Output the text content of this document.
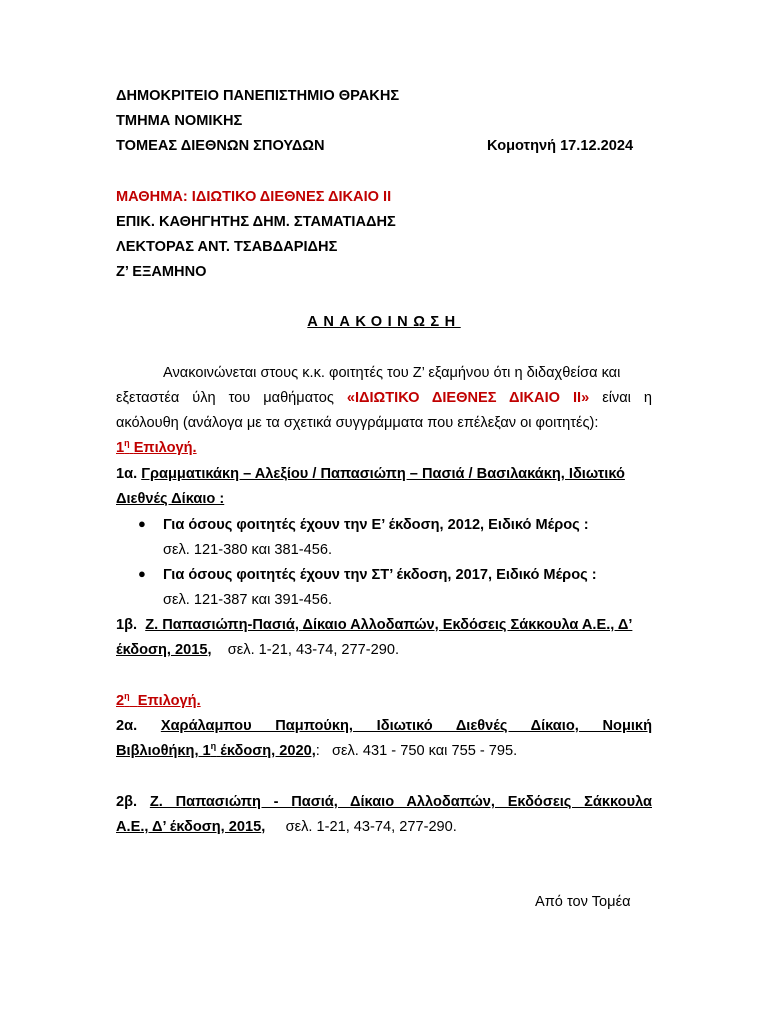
ΔΗΜΟΚΡΙΤΕΙΟ ΠΑΝΕΠΙΣΤΗΜΙΟ ΘΡΑΚΗΣ
ΤΜΗΜΑ ΝΟΜΙΚΗΣ
ΤΟΜΕΑΣ ΔΙΕΘΝΩΝ ΣΠΟΥΔΩΝ	Κομοτηνή 17.12.2024
ΜΑΘΗΜΑ: ΙΔΙΩΤΙΚΟ ΔΙΕΘΝΕΣ ΔΙΚΑΙΟ ΙΙ
ΕΠΙΚ. ΚΑΘΗΓΗΤΗΣ ΔΗΜ. ΣΤΑΜΑΤΙΑΔΗΣ
ΛΕΚΤΟΡΑΣ ΑΝΤ. ΤΣΑΒΔΑΡΙΔΗΣ
Ζ’ ΕΞΑΜΗΝΟ
ΑΝΑΚΟΙΝΩΣΗ
Ανακοινώνεται στους κ.κ. φοιτητές του Ζ’ εξαμήνου ότι η διδαχθείσα και
εξεταστέα ύλη του μαθήματος «ΙΔΙΩΤΙΚΟ ΔΙΕΘΝΕΣ ΔΙΚΑΙΟ ΙΙ» είναι η
ακόλουθη (ανάλογα με τα σχετικά συγγράμματα που επέλεξαν οι φοιτητές):
$1^\eta$ Επιλογή.
1α. Γραμματικάκη – Αλεξίου / Παπασιώπη – Πασιά / Βασιλακάκη, Ιδιωτικό
Διεθνές Δίκαιο :
● Για όσους φοιτητές έχουν την Ε’ έκδοση, 2012, Ειδικό Μέρος :
σελ. 121-380 και 381-456.
● Για όσους φοιτητές έχουν την ΣΤ’ έκδοση, 2017, Ειδικό Μέρος :
σελ. 121-387 και 391-456.
1β. Ζ. Παπασιώπη-Πασιά, Δίκαιο Αλλοδαπών, Εκδόσεις Σάκκουλα Α.Ε., Δ’
έκδοση, 2015, σελ. 1-21, 43-74, 277-290.
$2^\eta$ Επιλογή.
2α. Χαράλαμπου Παμπούκη, Ιδιωτικό Διεθνές Δίκαιο, Νομική
Βιβλιοθήκη, $1^\eta$ έκδοση, 2020,:   σελ. 431 - 750 και 755 - 795.
2β. Ζ. Παπασιώπη - Πασιά, Δίκαιο Αλλοδαπών, Εκδόσεις Σάκκουλα
Α.Ε., Δ’ έκδοση, 2015, σελ. 1-21, 43-74, 277-290.
Από τον Τομέα
